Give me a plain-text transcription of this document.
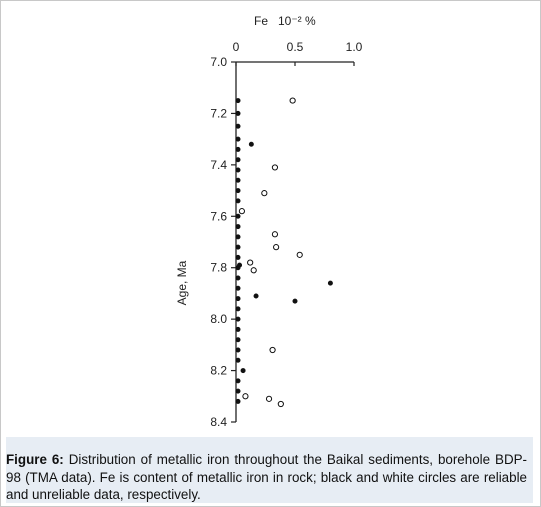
0	0.5	1.0
7.0
7.2
7.4
7.6
7.8
8.0
8.2
8.4
Fe 10⁻² %
Age, Ma

Figure 6: Distribution of metallic iron throughout the Baikal sediments, borehole BDP-98 (TMA data). Fe is content of metallic iron in rock; black and white circles are reliable and unreliable data, respectively.
